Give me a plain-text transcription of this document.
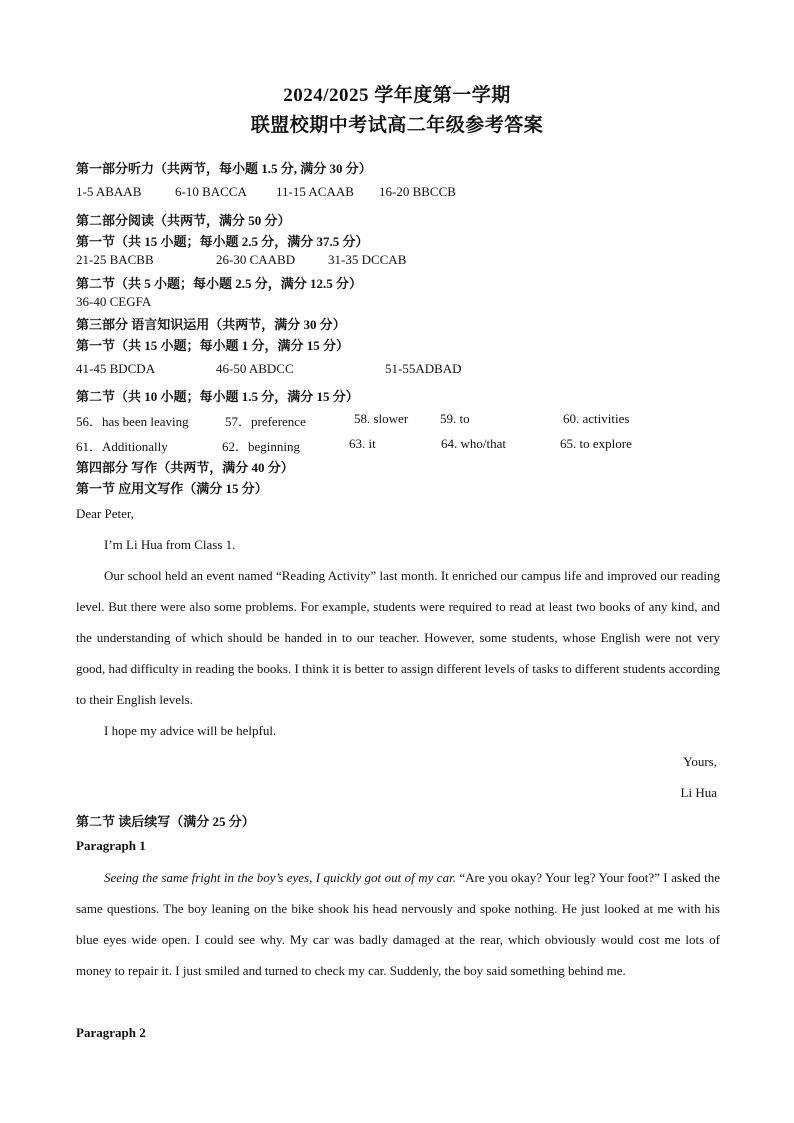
2024/2025 学年度第一学期
联盟校期中考试高二年级参考答案
第一部分听力（共两节，每小题 1.5 分, 满分 30 分）
1-5 ABAAB	6-10 BACCA 11-15 ACAAB 16-20 BBCCB
第二部分阅读（共两节，满分 50 分）
第一节（共 15 小题；每小题 2.5 分，满分 37.5 分）
21-25 BACBB	26-30 CAABD	31-35 DCCAB
第二节（共 5 小题；每小题 2.5 分，满分 12.5 分）
36-40 CEGFA
第三部分 语言知识运用（共两节，满分 30 分）
第一节（共 15 小题；每小题 1 分，满分 15 分）
41-45 BDCDA	46-50 ABDCC	51-55ADBAD
第二节（共 10 小题；每小题 1.5 分，满分 15 分）
56．has been leaving	57．preference	58. slower 59. to	60. activities
61．Additionally	62．beginning	63. it	64. who/that	65. to explore
第四部分 写作（共两节，满分 40 分）
第一节 应用文写作（满分 15 分）
Dear Peter,
I’m Li Hua from Class 1.
Our school held an event named “Reading Activity” last month. It enriched our campus life and improved our reading level. But there were also some problems. For example, students were required to read at least two books of any kind, and the understanding of which should be handed in to our teacher. However, some students, whose English were not very good, had difficulty in reading the books. I think it is better to assign different levels of tasks to different students according to their English levels.
I hope my advice will be helpful.
Yours,
Li Hua
第二节 读后续写（满分 25 分）
Paragraph 1
Seeing the same fright in the boy’s eyes, I quickly got out of my car. “Are you okay? Your leg? Your foot?” I asked the same questions. The boy leaning on the bike shook his head nervously and spoke nothing. He just looked at me with his blue eyes wide open. I could see why. My car was badly damaged at the rear, which obviously would cost me lots of money to repair it. I just smiled and turned to check my car. Suddenly, the boy said something behind me.
Paragraph 2
